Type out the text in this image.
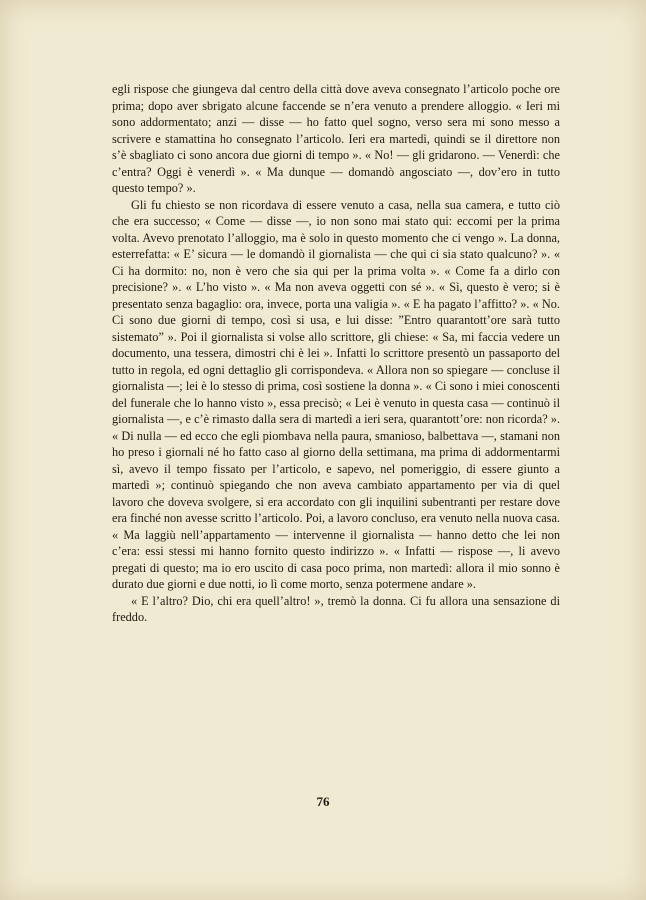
egli rispose che giungeva dal centro della città dove aveva consegnato l’articolo poche ore prima; dopo aver sbrigato alcune faccende se n’era venuto a prendere alloggio. « Ieri mi sono addormentato; anzi — disse — ho fatto quel sogno, verso sera mi sono messo a scrivere e stamattina ho consegnato l’articolo. Ieri era martedì, quindi se il direttore non s’è sbagliato ci sono ancora due giorni di tempo ». « No! — gli gridarono. — Venerdì: che c’entra? Oggi è venerdì ». « Ma dunque — domandò angosciato —, dov’ero in tutto questo tempo? ».

Gli fu chiesto se non ricordava di essere venuto a casa, nella sua camera, e tutto ciò che era successo; « Come — disse —, io non sono mai stato qui: eccomi per la prima volta. Avevo prenotato l’alloggio, ma è solo in questo momento che ci vengo ». La donna, esterrefatta: « E’ sicura — le domandò il giornalista — che qui ci sia stato qualcuno? ». « Ci ha dormito: no, non è vero che sia qui per la prima volta ». « Come fa a dirlo con precisione? ». « L’ho visto ». « Ma non aveva oggetti con sé ». « Sì, questo è vero; si è presentato senza bagaglio: ora, invece, porta una valigia ». « E ha pagato l’affitto? ». « No. Ci sono due giorni di tempo, così si usa, e lui disse: ”Entro quarantott’ore sarà tutto sistemato” ». Poi il giornalista si volse allo scrittore, gli chiese: « Sa, mi faccia vedere un documento, una tessera, dimostri chi è lei ». Infatti lo scrittore presentò un passaporto del tutto in regola, ed ogni dettaglio gli corrispondeva. « Allora non so spiegare — concluse il giornalista —; lei è lo stesso di prima, così sostiene la donna ». « Ci sono i miei conoscenti del funerale che lo hanno visto », essa precisò; « Lei è venuto in questa casa — continuò il giornalista —, e c’è rimasto dalla sera di martedì a ieri sera, quarantott’ore: non ricorda? ». « Di nulla — ed ecco che egli piombava nella paura, smanioso, balbettava —, stamani non ho preso i giornali né ho fatto caso al giorno della settimana, ma prima di addormentarmi sì, avevo il tempo fissato per l’articolo, e sapevo, nel pomeriggio, di essere giunto a martedì »; continuò spiegando che non aveva cambiato appartamento per via di quel lavoro che doveva svolgere, si era accordato con gli inquilini subentranti per restare dove era finché non avesse scritto l’articolo. Poi, a lavoro concluso, era venuto nella nuova casa. « Ma laggiù nell’appartamento — intervenne il giornalista — hanno detto che lei non c’era: essi stessi mi hanno fornito questo indirizzo ». « Infatti — rispose —, li avevo pregati di questo; ma io ero uscito di casa poco prima, non martedì: allora il mio sonno è durato due giorni e due notti, io lì come morto, senza potermene andare ».

« E l’altro? Dio, chi era quell’altro! », tremò la donna. Ci fu allora una sensazione di freddo.

76
